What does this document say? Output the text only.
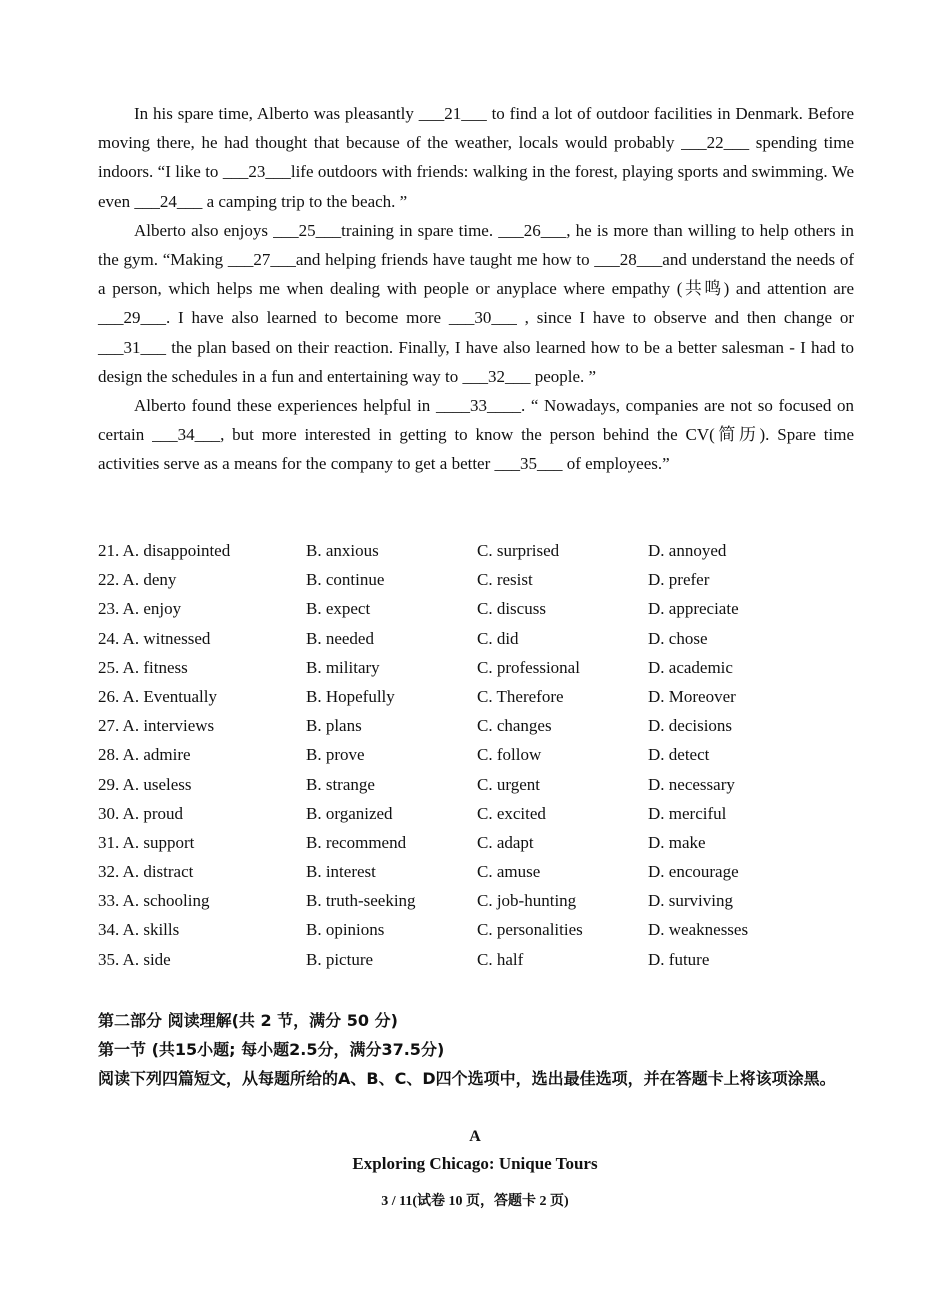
In his spare time, Alberto was pleasantly ___21___ to find a lot of outdoor facilities in Denmark. Before moving there, he had thought that because of the weather, locals would probably ___22___ spending time indoors. “I like to ___23___life outdoors with friends: walking in the forest, playing sports and swimming. We even ___24___ a camping trip to the beach. ”

Alberto also enjoys ___25___training in spare time. ___26___, he is more than willing to help others in the gym. “Making ___27___and helping friends have taught me how to ___28___and understand the needs of a person, which helps me when dealing with people or anyplace where empathy (共鸣) and attention are ___29___. I have also learned to become more ___30___ , since I have to observe and then change or ___31___ the plan based on their reaction. Finally, I have also learned how to be a better salesman - I had to design the schedules in a fun and entertaining way to ___32___ people. ”

Alberto found these experiences helpful in ____33____. “ Nowadays, companies are not so focused on certain ___34___, but more interested in getting to know the person behind the CV(简历). Spare time activities serve as a means for the company to get a better ___35___ of employees.”

21. A. disappointed	B. anxious	C. surprised	D. annoyed
22. A. deny	B. continue	C. resist	D. prefer
23. A. enjoy	B. expect	C. discuss	D. appreciate
24. A. witnessed	B. needed	C. did	D. chose
25. A. fitness	B. military	C. professional	D. academic
26. A. Eventually	B. Hopefully	C. Therefore	D. Moreover
27. A. interviews	B. plans	C. changes	D. decisions
28. A. admire	B. prove	C. follow	D. detect
29. A. useless	B. strange	C. urgent	D. necessary
30. A. proud	B. organized	C. excited	D. merciful
31. A. support	B. recommend	C. adapt	D. make
32. A. distract	B. interest	C. amuse	D. encourage
33. A. schooling	B. truth-seeking	C. job-hunting	D. surviving
34. A. skills	B. opinions	C. personalities	D. weaknesses
35. A. side	B. picture	C. half	D. future
第二部分 阅读理解(共 2 节，满分 50 分)
第一节 (共15小题; 每小题2.5分，满分37.5分)
阅读下列四篇短文，从每题所给的A、B、C、D四个选项中，选出最佳选项，并在答题卡上将该项涂黑。
A
Exploring Chicago: Unique Tours
3 / 11(试卷 10 页，答题卡 2 页)
